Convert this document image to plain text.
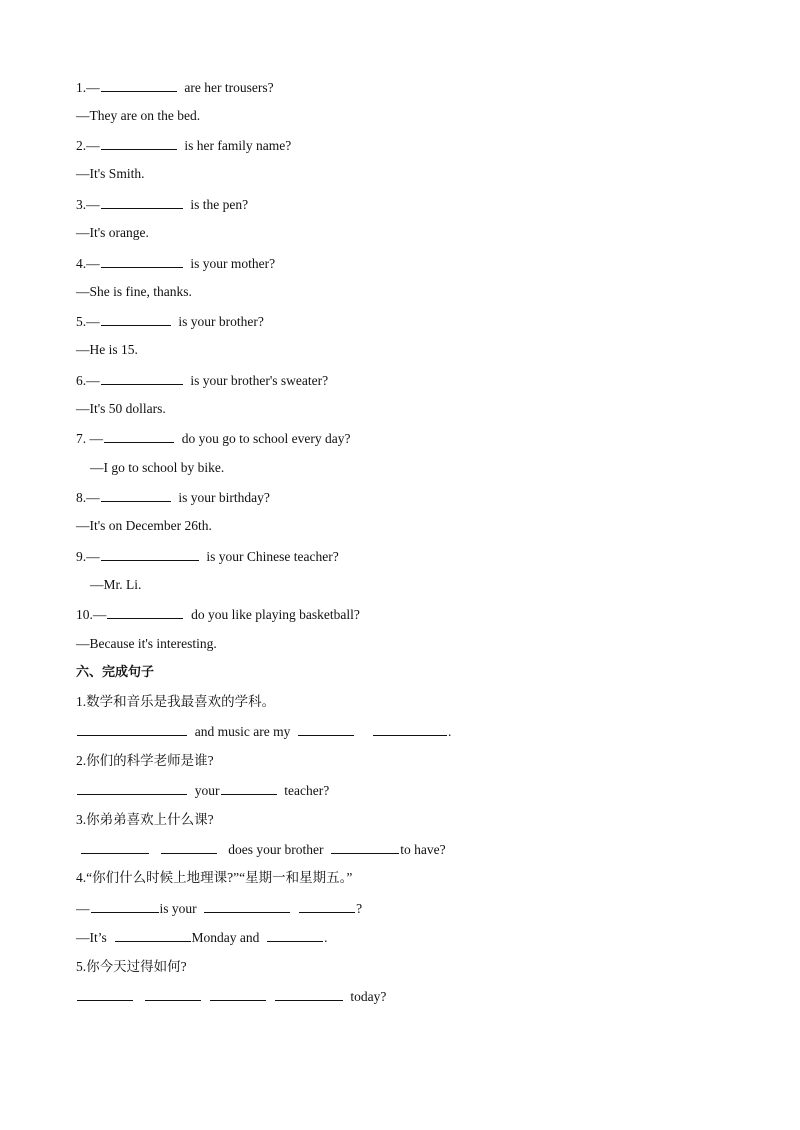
1.—	are her trousers?
—They are on the bed.
2.—	is her family name?
—It's Smith.
3.—	is the pen?
—It's orange.
4.—	is your mother?
—She is fine, thanks.
5.—	is your brother?
—He is 15.
6.—	is your brother's sweater?
—It's 50 dollars.
7. —	do you go to school every day?
—I go to school by bike.
8.—	is your birthday?
—It's on December 26th.
9.—	is your Chinese teacher?
—Mr. Li.
10.—	do you like playing basketball?
—Because it's interesting.
六、完成句子
1.数学和音乐是我最喜欢的学科。
and music are my	.
2.你们的科学老师是谁?
your	teacher?
3.你弟弟喜欢上什么课?
does your brother	to have?
4.“你们什么时候上地理课?”“星期一和星期五。”
—	is your	?
—It’s	Monday and	.
5.你今天过得如何?
today?
